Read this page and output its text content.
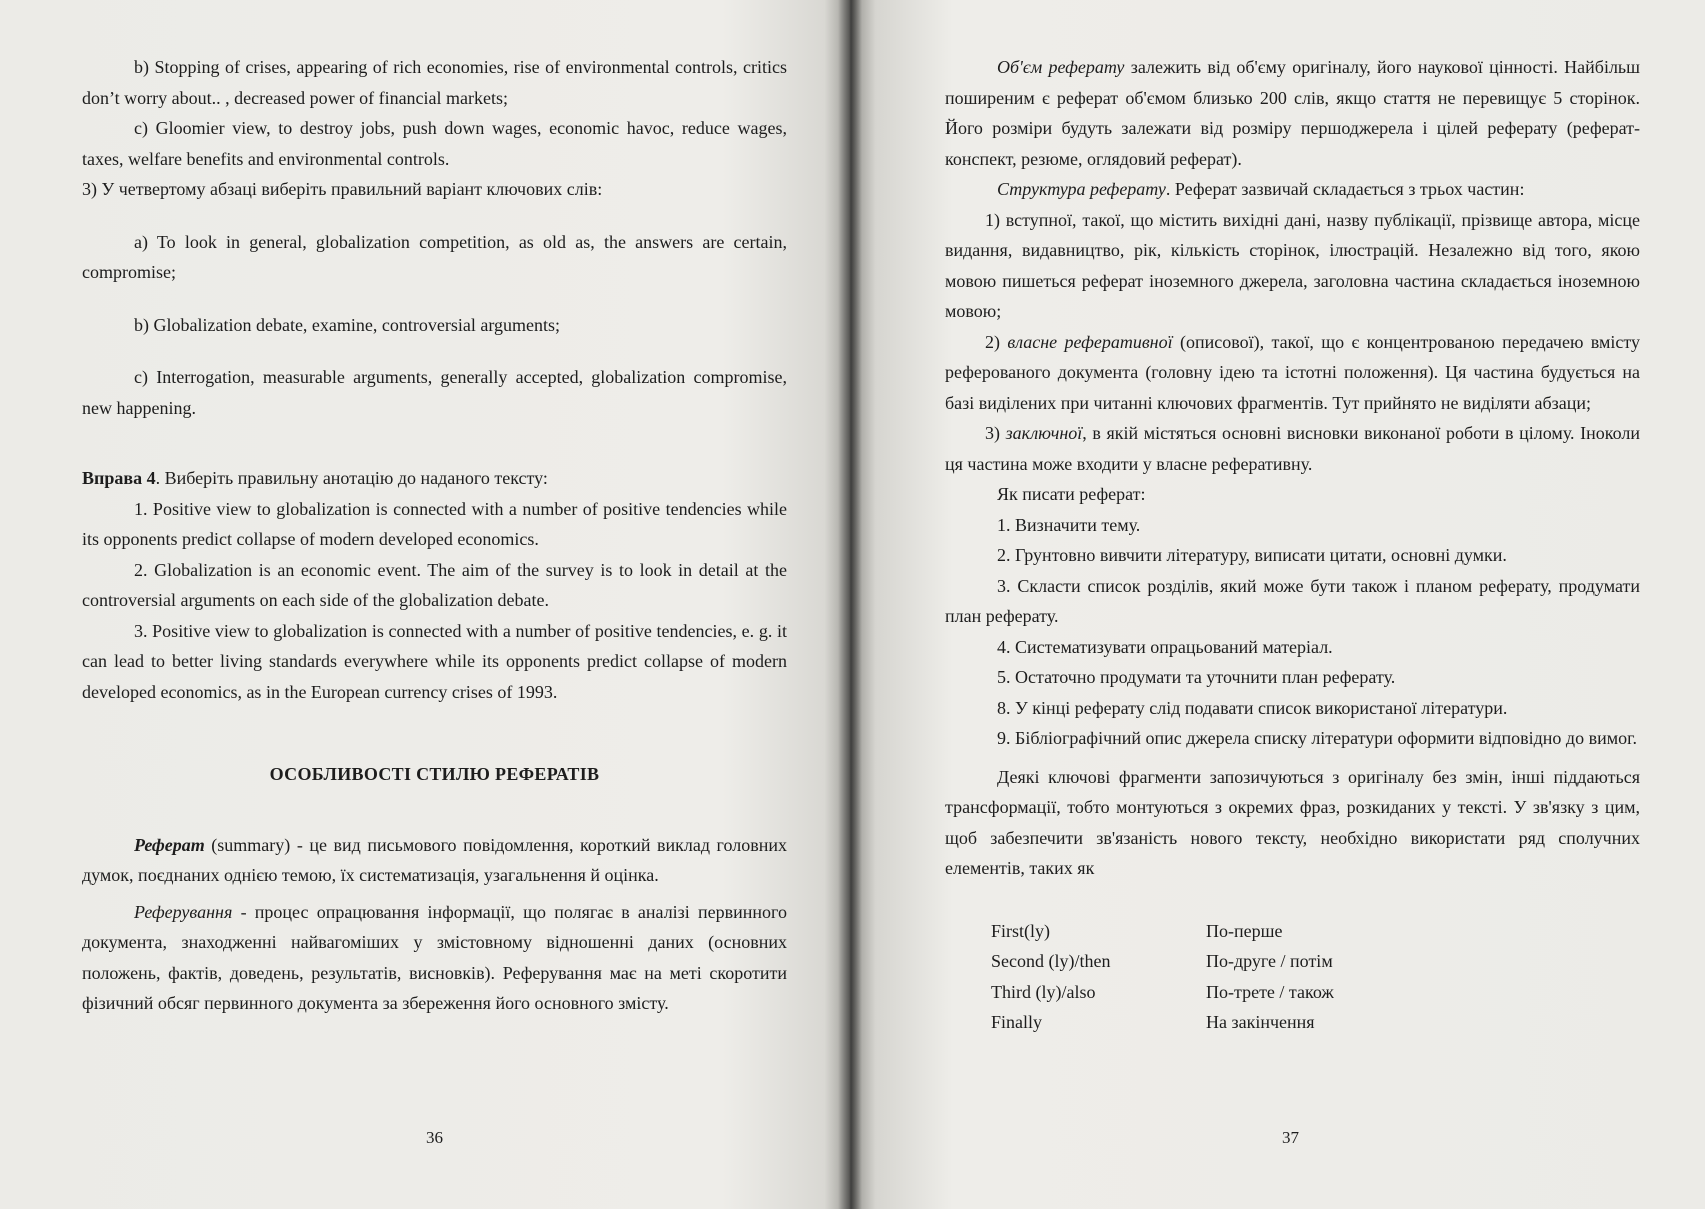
b) Stopping of crises, appearing of rich economies, rise of environmental controls, critics don’t worry about.. , decreased power of financial markets;

c) Gloomier view, to destroy jobs, push down wages, economic havoc, reduce wages, taxes, welfare benefits and environmental controls.

3) У четвертому абзаці виберіть правильний варіант ключових слів:

a) To look in general, globalization competition, as old as, the answers are certain, compromise;

b) Globalization debate, examine, controversial arguments;

c) Interrogation, measurable arguments, generally accepted, globalization compromise, new happening.

Вправа 4. Виберіть правильну анотацію до наданого тексту:

1. Positive view to globalization is connected with a number of positive tendencies while its opponents predict collapse of modern developed economics.

2. Globalization is an economic event. The aim of the survey is to look in detail at the controversial arguments on each side of the globalization debate.

3. Positive view to globalization is connected with a number of positive tendencies, e. g. it can lead to better living standards everywhere while its opponents predict collapse of modern developed economics, as in the European currency crises of 1993.

ОСОБЛИВОСТІ СТИЛЮ РЕФЕРАТІВ

Реферат (summary) - це вид письмового повідомлення, короткий виклад головних думок, поєднаних однією темою, їх систематизація, узагальнення й оцінка.

Реферування - процес опрацювання інформації, що полягає в аналізі первинного документа, знаходженні найвагоміших у змістовному відношенні даних (основних положень, фактів, доведень, результатів, висновків). Реферування має на меті скоротити фізичний обсяг первинного документа за збереження його основного змісту.

36

Об'єм реферату залежить від об'єму оригіналу, його наукової цінності. Найбільш поширеним є реферат об'ємом близько 200 слів, якщо стаття не перевищує 5 сторінок. Його розміри будуть залежати від розміру першоджерела і цілей реферату (реферат-конспект, резюме, оглядовий реферат).

Структура реферату. Реферат зазвичай складається з трьох частин:

1) вступної, такої, що містить вихідні дані, назву публікації, прізвище автора, місце видання, видавництво, рік, кількість сторінок, ілюстрацій. Незалежно від того, якою мовою пишеться реферат іноземного джерела, заголовна частина складається іноземною мовою;

2) власне реферативної (описової), такої, що є концентрованою передачею вмісту реферованого документа (головну ідею та істотні положення). Ця частина будується на базі виділених при читанні ключових фрагментів. Тут прийнято не виділяти абзаци;

3) заключної, в якій містяться основні висновки виконаної роботи в цілому. Іноколи ця частина може входити у власне реферативну.

Як писати реферат:

1. Визначити тему.

2. Грунтовно вивчити літературу, виписати цитати, основні думки.

3. Скласти список розділів, який може бути також і планом реферату, продумати план реферату.

4. Систематизувати опрацьований матеріал.

5. Остаточно продумати та уточнити план реферату.

8. У кінці реферату слід подавати список використаної літератури.

9. Бібліографічний опис джерела списку літератури оформити відповідно до вимог.

Деякі ключові фрагменти запозичуються з оригіналу без змін, інші піддаються трансформації, тобто монтуються з окремих фраз, розкиданих у тексті. У зв'язку з цим, щоб забезпечити зв'язаність нового тексту, необхідно використати ряд сполучних елементів, таких як

First(ly)	По-перше
Second (ly)/then	По-друге / потім
Third (ly)/also	По-трете / також
Finally	На закінчення
37
